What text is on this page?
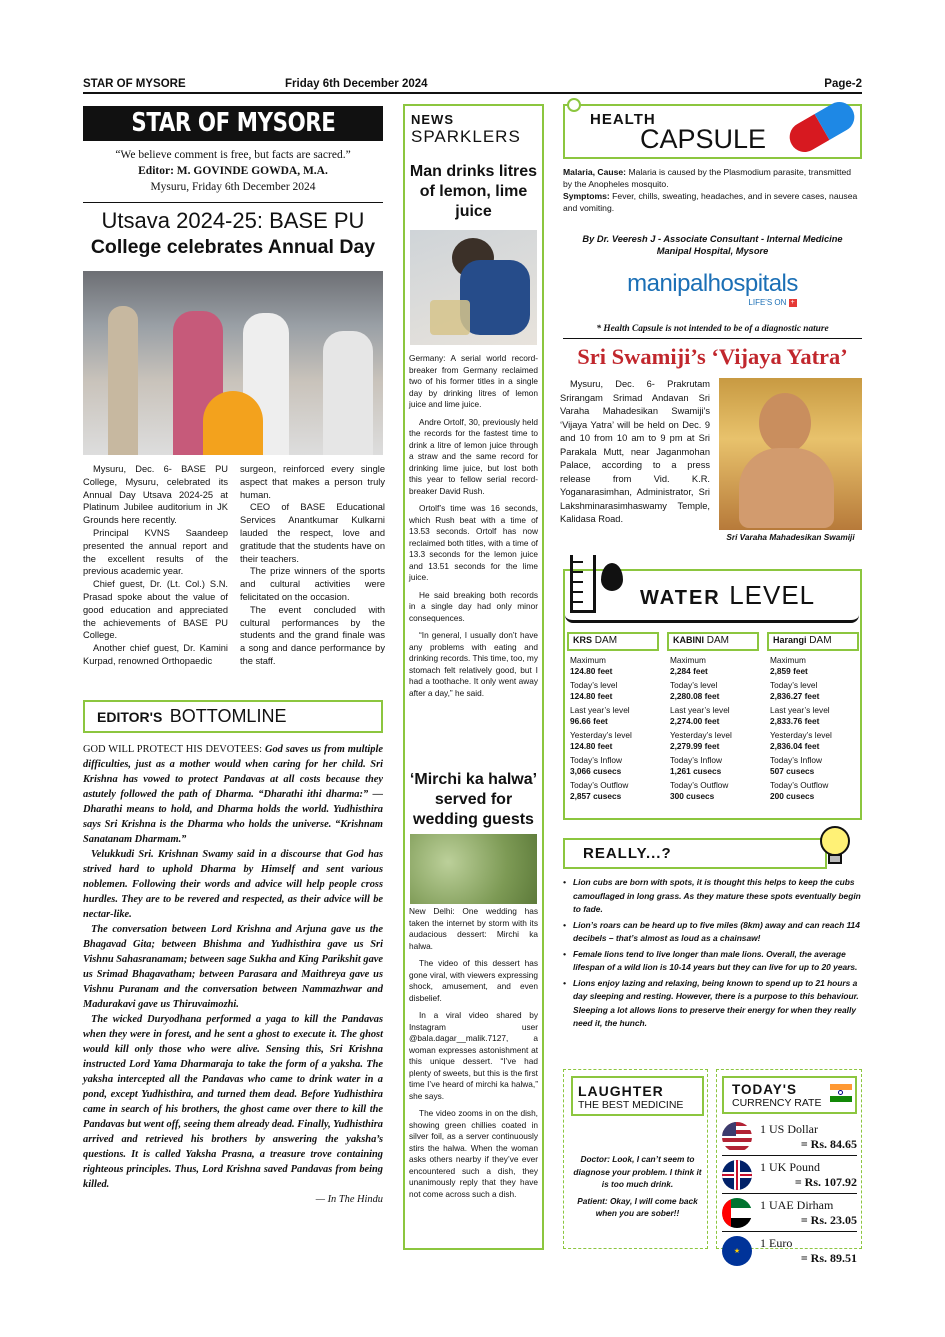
STAR OF MYSORE	Friday 6th December 2024	Page-2
STAR OF MYSORE
“We believe comment is free, but facts are sacred.”
Editor: M. GOVINDE GOWDA, M.A.
Mysuru, Friday 6th December 2024
Utsava 2024-25: BASE PU
College celebrates Annual Day

Mysuru, Dec. 6- BASE PU College, Mysuru, celebrated its Annual Day Utsava 2024-25 at Platinum Jubilee auditorium in JK Grounds here recently.

Principal KVNS Saandeep presented the annual report and the excellent results of the previous academic year.

Chief guest, Dr. (Lt. Col.) S.N. Prasad spoke about the value of good education and appreciated the achievements of BASE PU College.

Another chief guest, Dr. Kamini Kurpad, renowned Orthopaedic

surgeon, reinforced every single aspect that makes a person truly human.

CEO of BASE Educational Services Anantkumar Kulkarni lauded the respect, love and gratitude that the students have on their teachers.

The prize winners of the sports and cultural activities were felicitated on the occasion.

The event concluded with cultural performances by the students and the grand finale was a song and dance performance by the staff.

EDITOR'S BOTTOMLINE

GOD WILL PROTECT HIS DEVOTEES: God saves us from multiple difficulties, just as a mother would when caring for her child. Sri Krishna has vowed to protect Pandavas at all costs because they astutely followed the path of Dharma. “Dharathi ithi dharma:” — Dharathi means to hold, and Dharma holds the world. Yudhisthira says Sri Krishna is the Dharma who holds the universe. “Krishnam Sanatanam Dharmam.”

Velukkudi Sri. Krishnan Swamy said in a discourse that God has strived hard to uphold Dharma by Himself and sent various noblemen. Following their words and advice will help people cross hurdles. They are to be revered and respected, as their advice will be nectar-like.

The conversation between Lord Krishna and Arjuna gave us the Bhagavad Gita; between Bhishma and Yudhisthira gave us Sri Vishnu Sahasranamam; between sage Sukha and King Parikshit gave us Srimad Bhagavatham; between Parasara and Maithreya gave us Vishnu Puranam and the conversation between Nammazhwar and Madurakavi gave us Thiruvaimozhi.

The wicked Duryodhana performed a yaga to kill the Pandavas when they were in forest, and he sent a ghost to execute it. The ghost would kill only those who were alive. Sensing this, Sri Krishna instructed Lord Yama Dharmaraja to take the form of a yaksha. The yaksha intercepted all the Pandavas who came to drink water in a pond, except Yudhisthira, and turned them dead. Before Yudhisthira came in search of his brothers, the ghost came over there to kill the Pandavas but went off, seeing them already dead. Finally, Yudhisthira arrived and retrieved his brothers by answering the yaksha’s questions. It is called Yaksha Prasna, a treasure trove containing righteous principles. Thus, Lord Krishna saved Pandavas from being killed.

— In The Hindu
NEWS
SPARKLERS
Man drinks litres of lemon, lime juice

Germany: A serial world record-breaker from Germany reclaimed two of his former titles in a single day by drinking litres of lemon juice and lime juice.

Andre Ortolf, 30, previously held the records for the fastest time to drink a litre of lemon juice through a straw and the same record for drinking lime juice, but lost both this year to fellow serial record-breaker David Rush.

Ortolf’s time was 16 seconds, which Rush beat with a time of 13.53 seconds. Ortolf has now reclaimed both titles, with a time of 13.3 seconds for the lemon juice and 13.51 seconds for the lime juice.

He said breaking both records in a single day had only minor consequences.

“In general, I usually don’t have any problems with eating and drinking records. This time, too, my stomach felt relatively good, but I had a toothache. It only went away after a day,” he said.

‘Mirchi ka halwa’ served for wedding guests

New Delhi: One wedding has taken the internet by storm with its audacious dessert: Mirchi ka halwa.

The video of this dessert has gone viral, with viewers expressing shock, amusement, and even disbelief.

In a viral video shared by Instagram user @bala.dagar__malik.7127, a woman expresses astonishment at this unique dessert. “I’ve had plenty of sweets, but this is the first time I’ve heard of mirchi ka halwa,” she says.

The video zooms in on the dish, showing green chillies coated in silver foil, as a server continuously stirs the halwa. When the woman asks others nearby if they’ve ever encountered such a dish, they unanimously reply that they have not come across such a dish.

HEALTH
CAPSULE

Malaria, Cause: Malaria is caused by the Plasmodium parasite, transmitted by the Anopheles mosquito.

Symptoms: Fever, chills, sweating, headaches, and in severe cases, nausea and vomiting.

By Dr. Veeresh J - Associate Consultant - Internal Medicine
Manipal Hospital, Mysore
manipalhospitals
LIFE'S ON +
* Health Capsule is not intended to be of a diagnostic nature
Sri Swamiji’s ‘Vijaya Yatra’
Mysuru, Dec. 6- Prakrutam Srirangam Srimad Andavan Sri Varaha Mahadesikan Swamiji’s ‘Vijaya Yatra’ will be held on Dec. 9 and 10 from 10 am to 9 pm at Sri Parakala Mutt, near Jaganmohan Palace, according to a press release from Vid. K.R. Yoganarasimhan, Administrator, Sri Lakshminarasimhaswamy Temple, Kalidasa Road.
Sri Varaha Mahadesikan Swamiji
WATER LEVEL
KRS DAM
Maximum
124.80 feet
Today’s level
124.80 feet
Last year’s level
96.66 feet
Yesterday’s level
124.80 feet
Today’s Inflow
3,066 cusecs
Today’s Outflow
2,857 cusecs
KABINI DAM
Maximum
2,284 feet
Today’s level
2,280.08 feet
Last year’s level
2,274.00 feet
Yesterday’s level
2,279.99 feet
Today’s Inflow
1,261 cusecs
Today’s Outflow
300 cusecs
Harangi DAM
Maximum
2,859 feet
Today’s level
2,836.27 feet
Last year’s level
2,833.76 feet
Yesterday’s level
2,836.04 feet
Today’s Inflow
507 cusecs
Today’s Outflow
200 cusecs
REALLY...?
• Lion cubs are born with spots, it is thought this helps to keep the cubs camouflaged in long grass. As they mature these spots eventually begin to fade.
• Lion’s roars can be heard up to five miles (8km) away and can reach 114 decibels – that’s almost as loud as a chainsaw!
• Female lions tend to live longer than male lions. Overall, the average lifespan of a wild lion is 10-14 years but they can live for up to 20 years.
• Lions enjoy lazing and relaxing, being known to spend up to 21 hours a day sleeping and resting. However, there is a purpose to this behaviour. Sleeping a lot allows lions to preserve their energy for when they really need it, the hunch.
LAUGHTER
THE BEST MEDICINE
Doctor: Look, I can’t seem to diagnose your problem. I think it is too much drink.
Patient: Okay, I will come back when you are sober!!
TODAY'S
CURRENCY RATE
1 US Dollar
= Rs. 84.65
1 UK Pound
= Rs. 107.92
1 UAE Dirham
= Rs. 23.05
★
1 Euro
= Rs. 89.51
